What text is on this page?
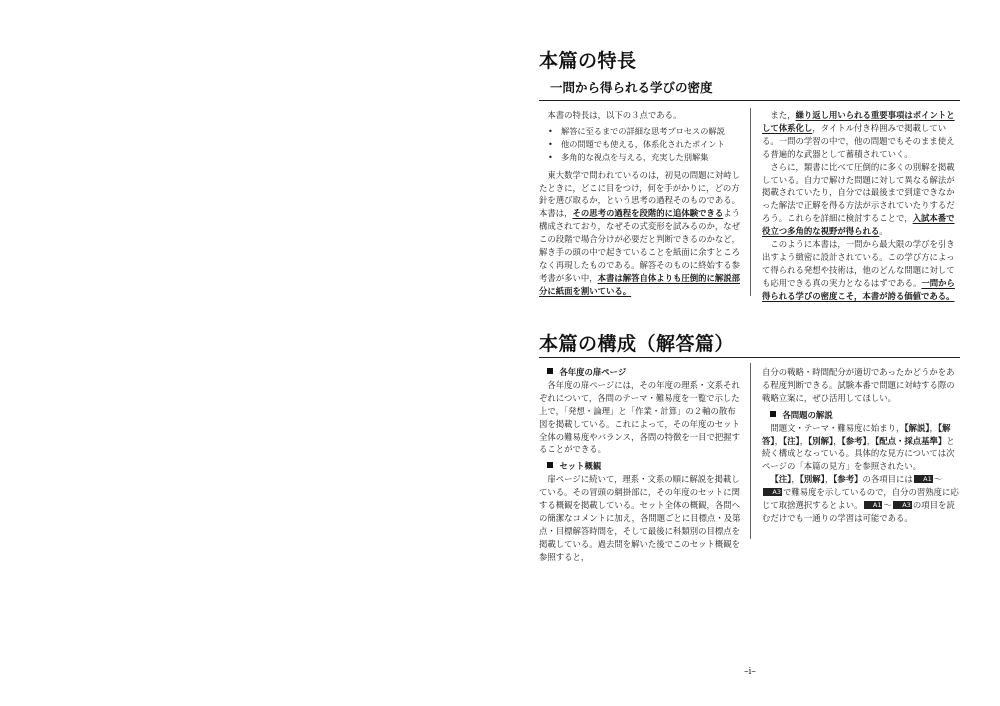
本篇の特長
一問から得られる学びの密度

本書の特長は，以下の３点である。

• 解答に至るまでの詳細な思考プロセスの解説
• 他の問題でも使える，体系化されたポイント
• 多角的な視点を与える，充実した別解集

東大数学で問われているのは，初見の問題に対峙したときに，どこに目をつけ，何を手がかりに，どの方針を選び取るか，という思考の過程そのものである。本書は，その思考の過程を段階的に追体験できるよう構成されており，なぜその式変形を試みるのか，なぜこの段階で場合分けが必要だと判断できるのかなど，解き手の頭の中で起きていることを紙面に余すところなく再現したものである。解答そのものに終始する参考書が多い中，本書は解答自体よりも圧倒的に解説部分に紙面を割いている。

また，繰り返し用いられる重要事項はポイントとして体系化し，タイトル付き枠囲みで掲載している。一問の学習の中で，他の問題でもそのまま使える普遍的な武器として蓄積されていく。

さらに，類書に比べて圧倒的に多くの別解を掲載している。自力で解けた問題に対して異なる解法が掲載されていたり，自分では最後まで到達できなかった解法で正解を得る方法が示されていたりするだろう。これらを詳細に検討することで，入試本番で役立つ多角的な視野が得られる。

このように本書は，一問から最大限の学びを引き出すよう緻密に設計されている。この学び方によって得られる発想や技術は，他のどんな問題に対しても応用できる真の実力となるはずである。一問から得られる学びの密度こそ，本書が誇る価値である。

本篇の構成（解答篇）

各年度の扉ページ

各年度の扉ページには，その年度の理系・文系それぞれについて，各問のテーマ・難易度を一覧で示した上で，「発想・論理」と「作業・計算」の２軸の散布図を掲載している。これによって，その年度のセット全体の難易度やバランス，各問の特徴を一目で把握することができる。

セット概観

扉ページに続いて，理系・文系の順に解説を掲載している。その冒頭の網掛部に，その年度のセットに関する概観を掲載している。セット全体の概観，各問への簡潔なコメントに加え，各問題ごとに目標点・及第点・目標解答時間を，そして最後に科類別の目標点を掲載している。過去問を解いた後でこのセット概観を参照すると，

自分の戦略・時間配分が適切であったかどうかをある程度判断できる。試験本番で問題に対峙する際の戦略立案に，ぜひ活用してほしい。

各問題の解説

問題文・テーマ・難易度に始まり，【解説】，【解答】，【注】，【別解】，【参考】，【配点・採点基準】と続く構成となっている。具体的な見方については次ページの「本篇の見方」を参照されたい。

【注】，【別解】，【参考】の各項目には A1 ～A3 で難易度を示しているので，自分の習熟度に応じて取捨選択するとよい。 A1 ～ A3 の項目を読むだけでも一通りの学習は可能である。

–i–
